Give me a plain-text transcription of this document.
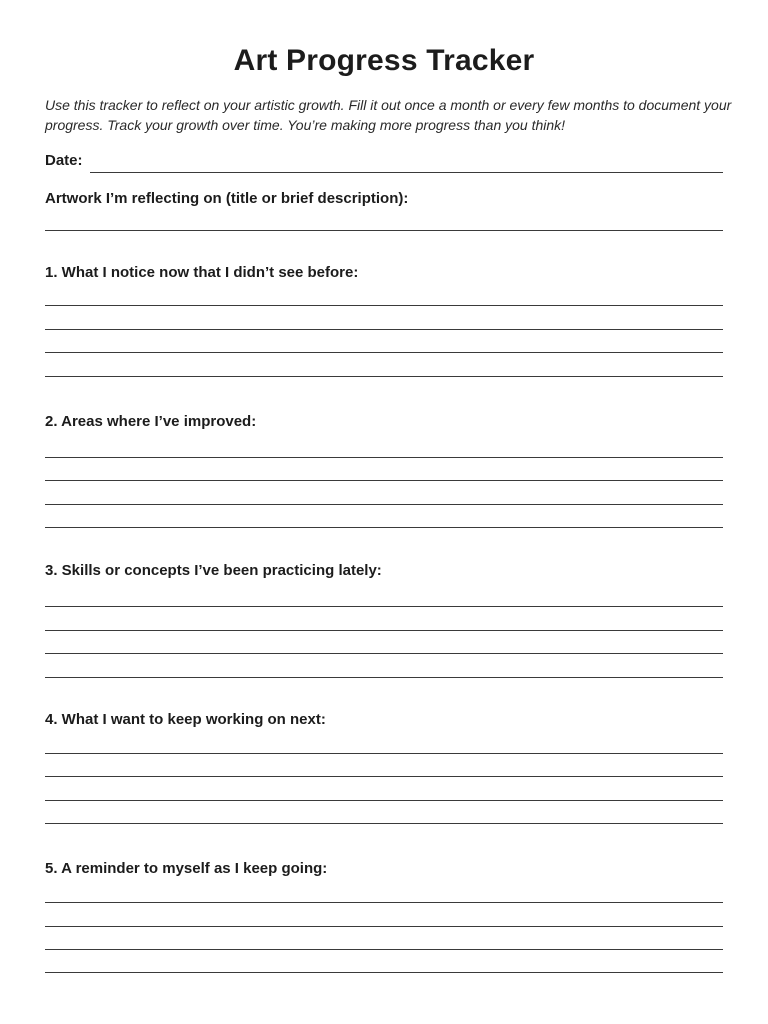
Art Progress Tracker
Use this tracker to reflect on your artistic growth. Fill it out once a month or every few months to document your progress. Track your growth over time. You’re making more progress than you think!
Date:
Artwork I’m reflecting on (title or brief description):
1. What I notice now that I didn’t see before:
2. Areas where I’ve improved:
3. Skills or concepts I’ve been practicing lately:
4. What I want to keep working on next:
5. A reminder to myself as I keep going:
